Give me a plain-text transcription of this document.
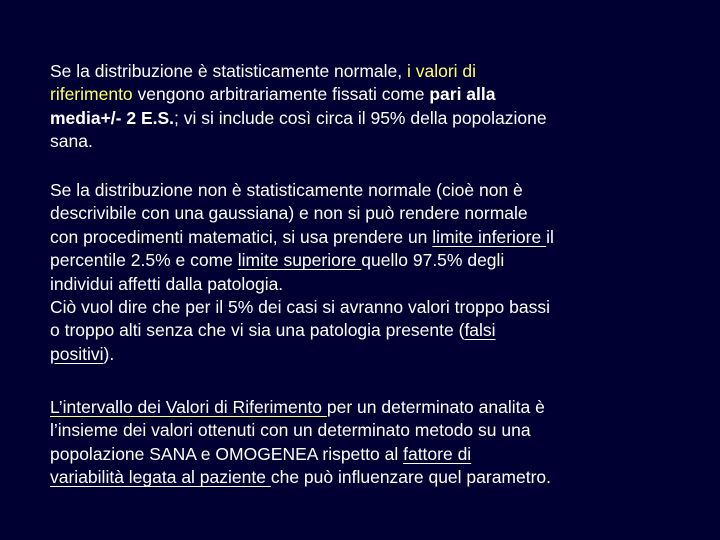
Se la distribuzione è statisticamente normale, i valori di
riferimento vengono arbitrariamente fissati come pari alla
media+/- 2 E.S.; vi si include così circa il 95% della popolazione
sana.
Se la distribuzione non è statisticamente normale (cioè non è
descrivibile con una gaussiana) e non si può rendere normale
con procedimenti matematici, si usa prendere un limite inferiore il
percentile 2.5% e come limite superiore quello 97.5% degli
individui affetti dalla patologia.
Ciò vuol dire che per il 5% dei casi si avranno valori troppo bassi
o troppo alti senza che vi sia una patologia presente (falsi
positivi).
L’intervallo dei Valori di Riferimento per un determinato analita è
l’insieme dei valori ottenuti con un determinato metodo su una
popolazione SANA e OMOGENEA rispetto al fattore di
variabilità legata al paziente che può influenzare quel parametro.
